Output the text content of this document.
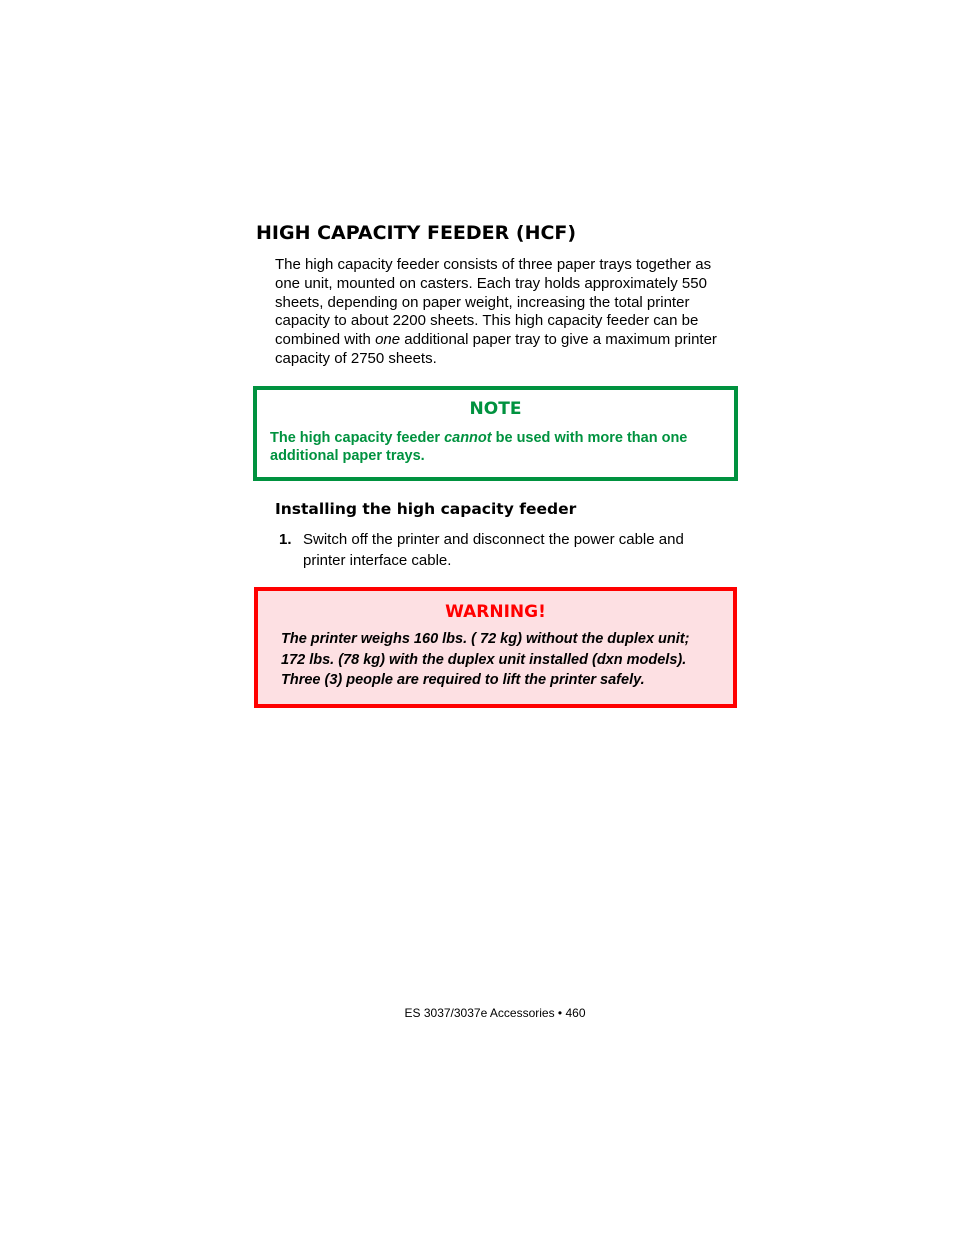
HIGH CAPACITY FEEDER (HCF)

The high capacity feeder consists of three paper trays together as

one unit, mounted on casters. Each tray holds approximately 550

sheets, depending on paper weight, increasing the total printer

capacity to about 2200 sheets. This high capacity feeder can be

combined with one additional paper tray to give a maximum printer

capacity of 2750 sheets.

NOTE

The high capacity feeder cannot be used with more than one

additional paper trays.

Installing the high capacity feeder
1. Switch off the printer and disconnect the power cable and

printer interface cable.

WARNING!

The printer weighs 160 lbs. ( 72 kg) without the duplex unit;

172 lbs. (78 kg) with the duplex unit installed (dxn models).

Three (3) people are required to lift the printer safely.

ES 3037/3037e Accessories • 460
